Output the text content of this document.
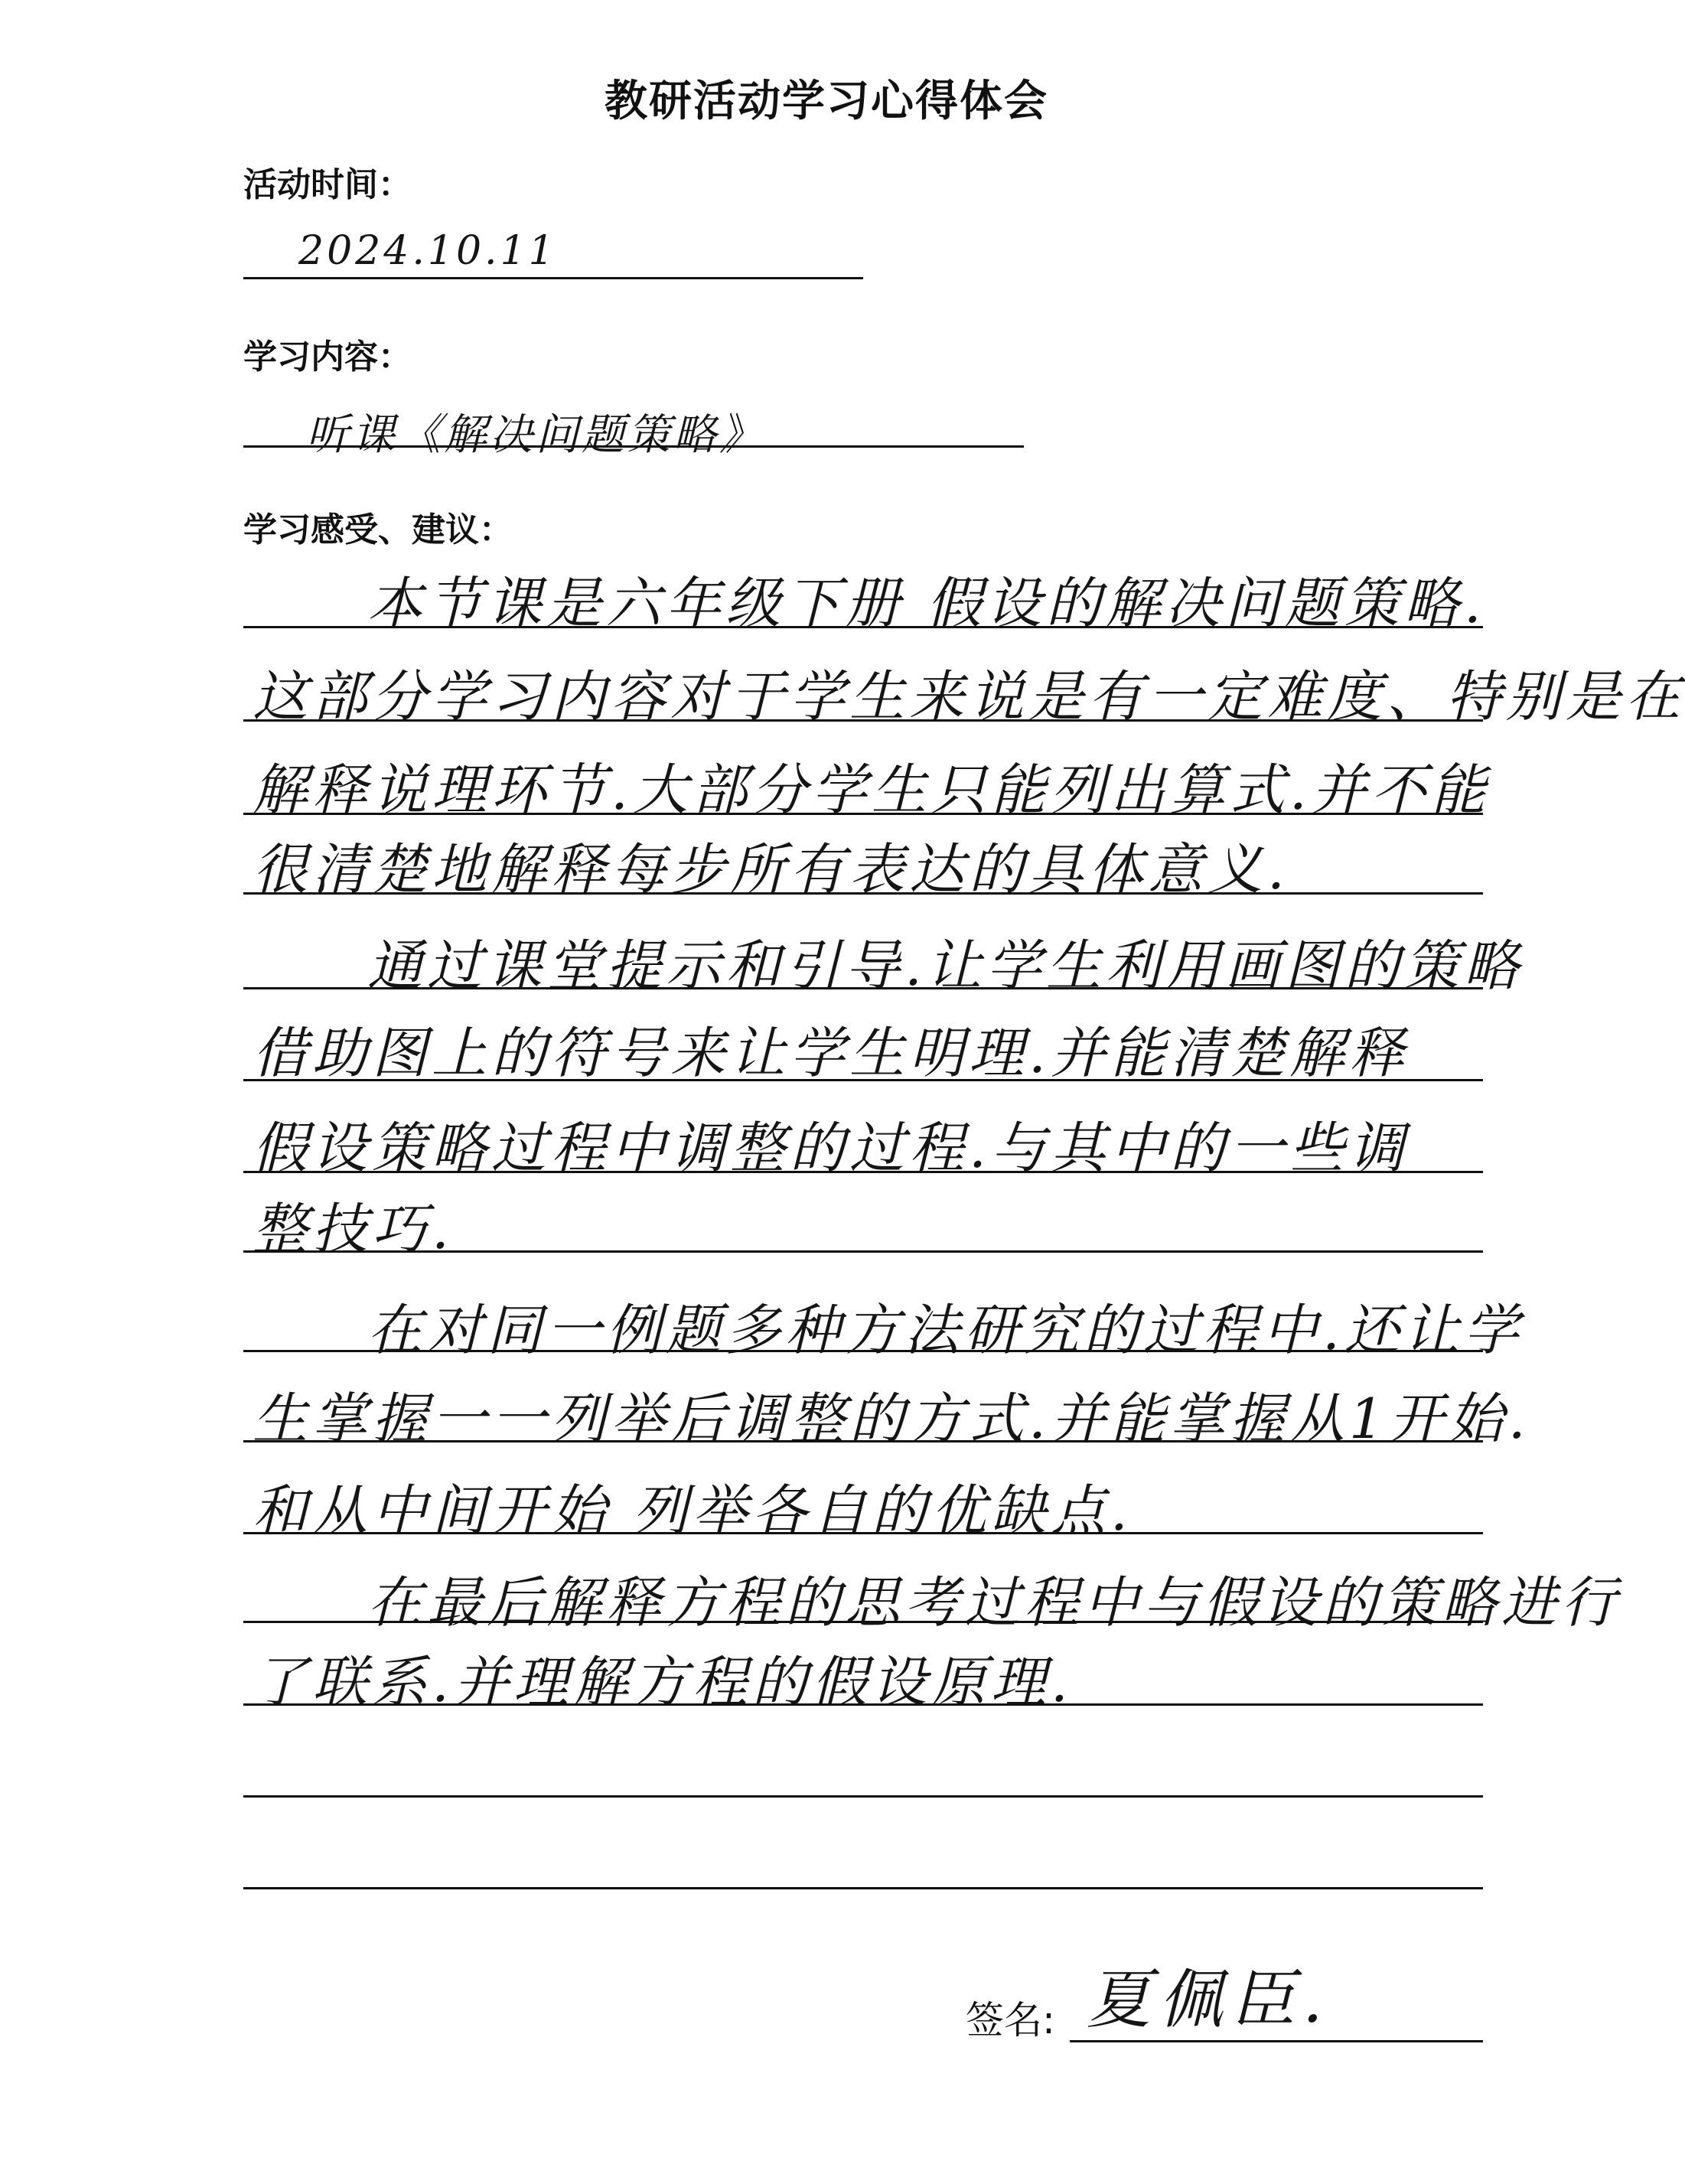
教研活动学习心得体会
活动时间：
2024.10.11
学习内容：
听课《解决问题策略》
学习感受、建议：
本节课是六年级下册 假设的解决问题策略.
这部分学习内容对于学生来说是有一定难度、特别是在
解释说理环节.大部分学生只能列出算式.并不能
很清楚地解释每步所有表达的具体意义.
通过课堂提示和引导.让学生利用画图的策略
借助图上的符号来让学生明理.并能清楚解释
假设策略过程中调整的过程.与其中的一些调
整技巧.
在对同一例题多种方法研究的过程中.还让学
生掌握一一列举后调整的方式.并能掌握从1开始.
和从中间开始 列举各自的优缺点.
在最后解释方程的思考过程中与假设的策略进行
了联系.并理解方程的假设原理.
签名: 夏佩臣.
